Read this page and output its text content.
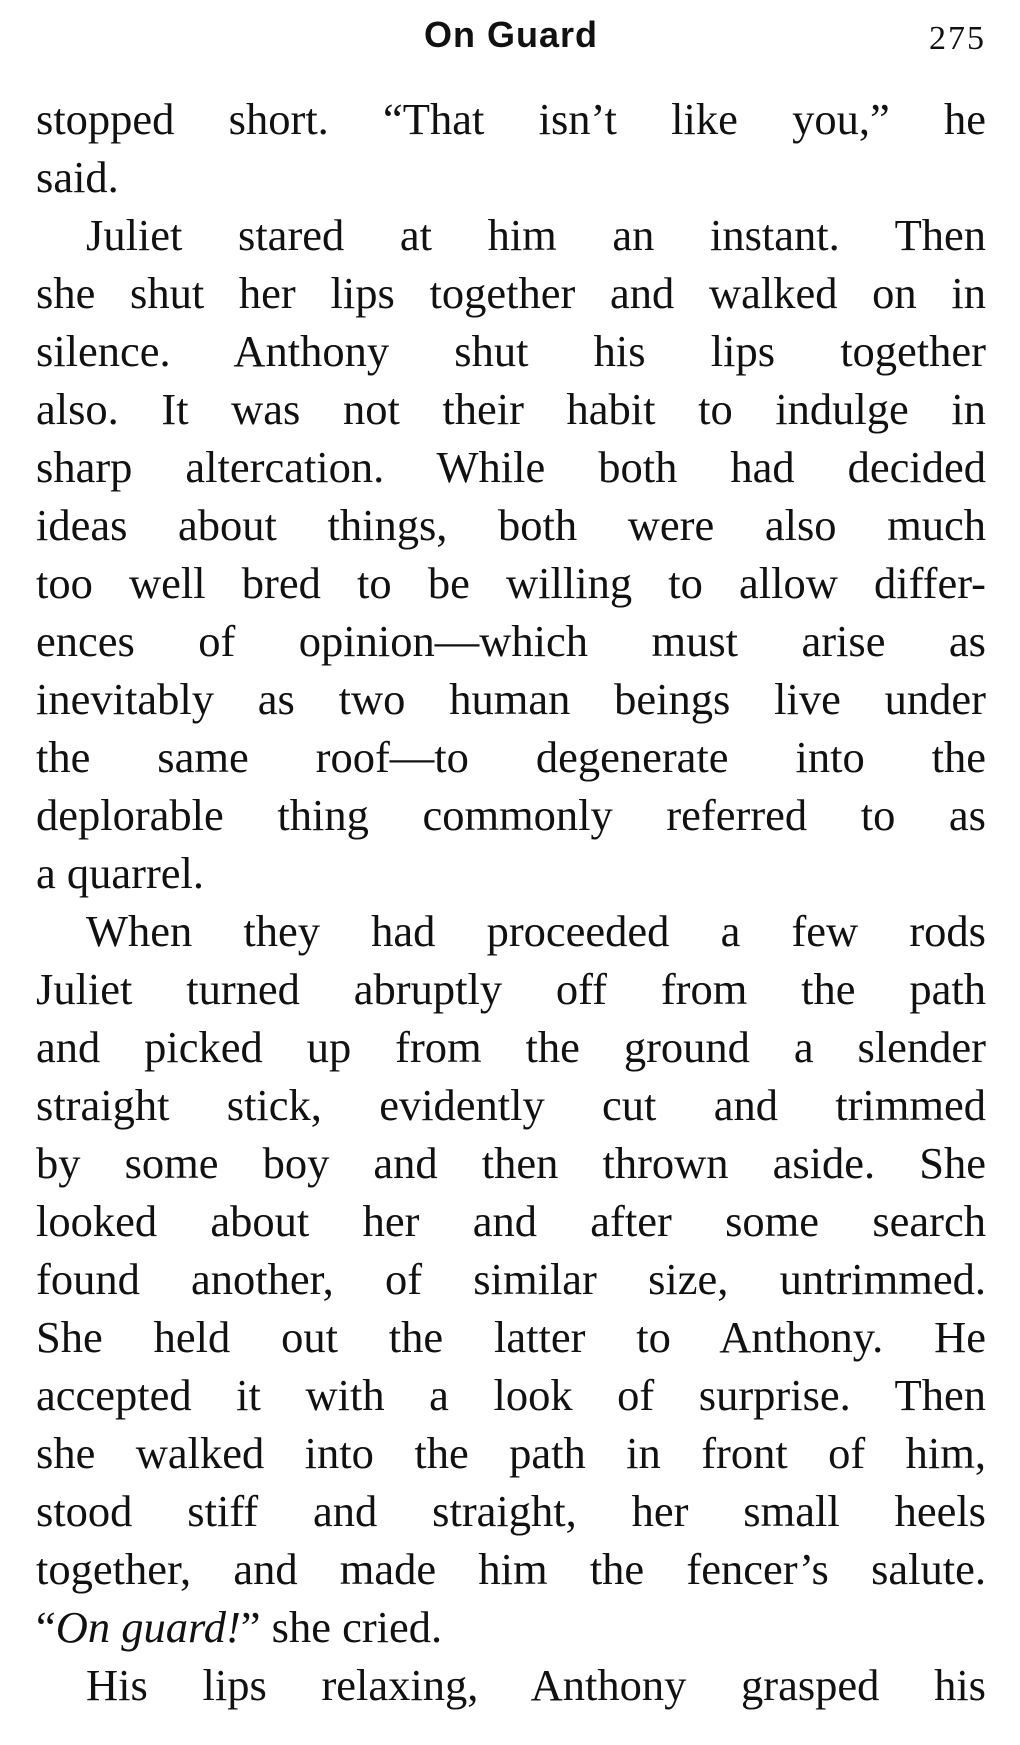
On Guard	275
stopped short. “That isn’t like you,” he
said.
Juliet stared at him an instant. Then
she shut her lips together and walked on in
silence. Anthony shut his lips together
also. It was not their habit to indulge in
sharp altercation. While both had decided
ideas about things, both were also much
too well bred to be willing to allow differ-
ences of opinion—which must arise as
inevitably as two human beings live under
the same roof—to degenerate into the
deplorable thing commonly referred to as
a quarrel.
When they had proceeded a few rods
Juliet turned abruptly off from the path
and picked up from the ground a slender
straight stick, evidently cut and trimmed
by some boy and then thrown aside. She
looked about her and after some search
found another, of similar size, untrimmed.
She held out the latter to Anthony. He
accepted it with a look of surprise. Then
she walked into the path in front of him,
stood stiff and straight, her small heels
together, and made him the fencer’s salute.
“On guard!” she cried.
His lips relaxing, Anthony grasped his
